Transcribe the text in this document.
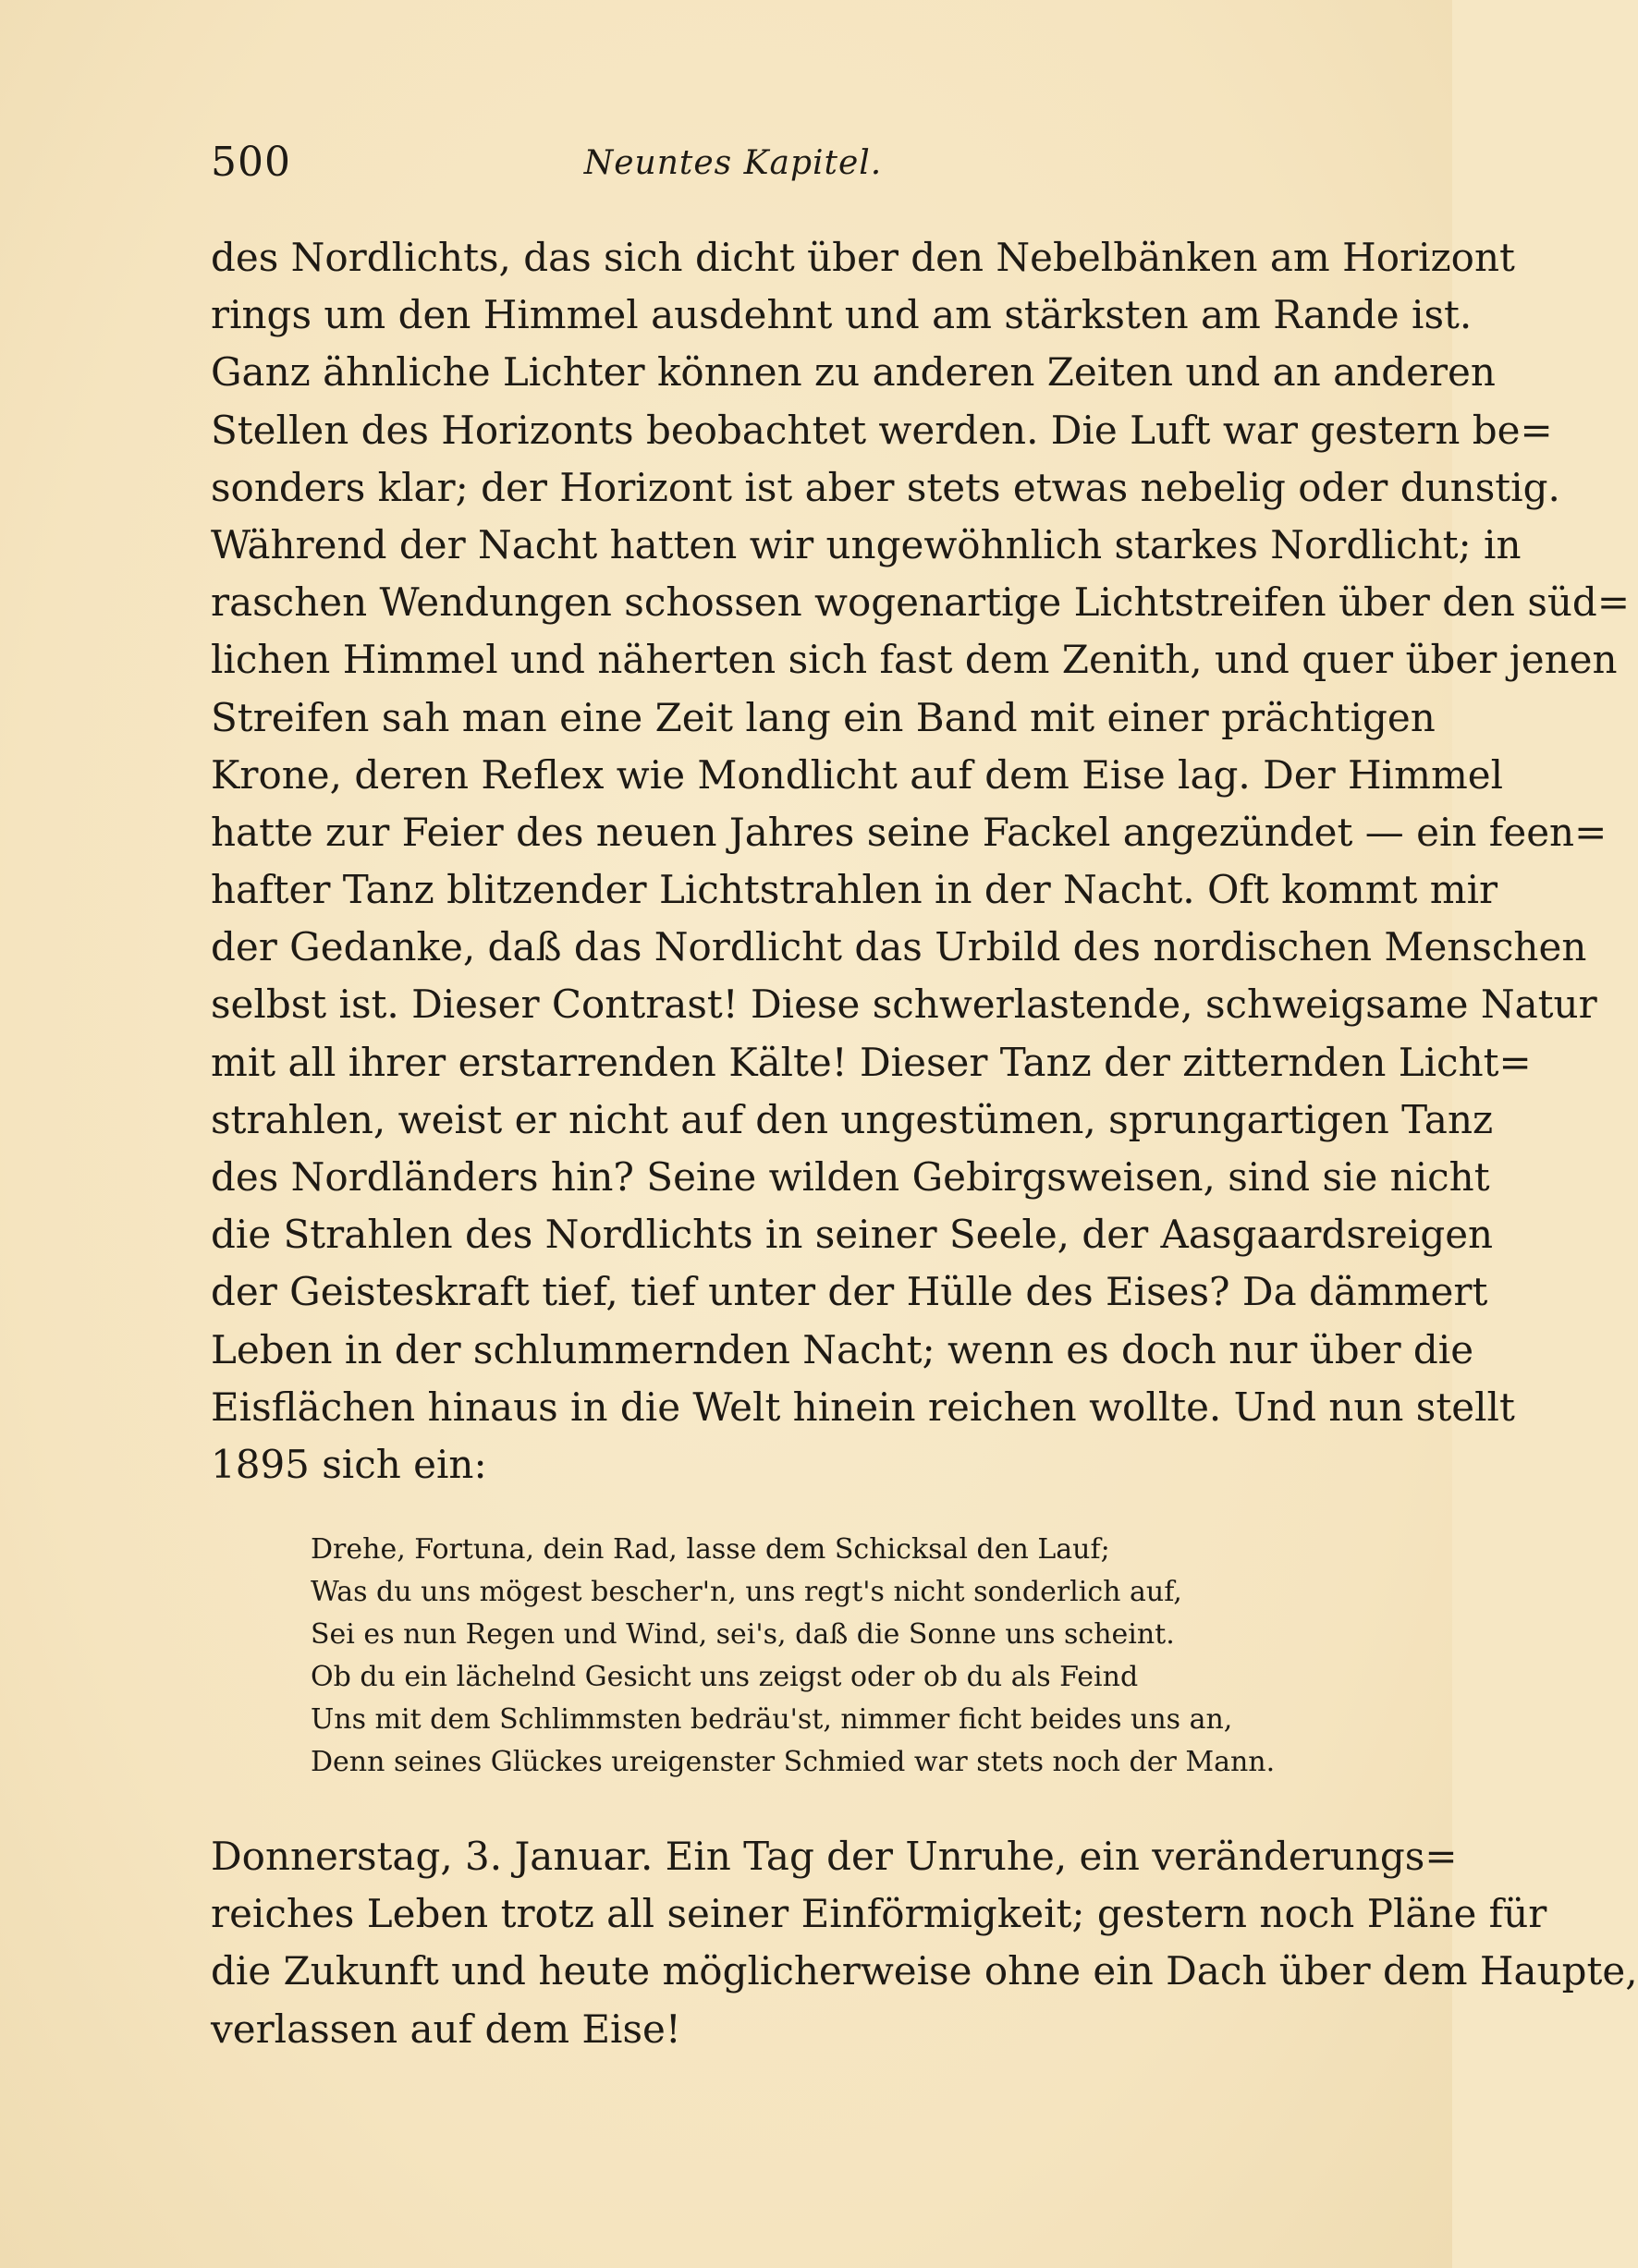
500	Neuntes Kapitel.
des Nordlichts, das sich dicht über den Nebelbänken am Horizont
rings um den Himmel ausdehnt und am stärksten am Rande ist.
Ganz ähnliche Lichter können zu anderen Zeiten und an anderen
Stellen des Horizonts beobachtet werden. Die Luft war gestern be=
sonders klar; der Horizont ist aber stets etwas nebelig oder dunstig.
Während der Nacht hatten wir ungewöhnlich starkes Nordlicht; in
raschen Wendungen schossen wogenartige Lichtstreifen über den süd=
lichen Himmel und näherten sich fast dem Zenith, und quer über jenen
Streifen sah man eine Zeit lang ein Band mit einer prächtigen
Krone, deren Reflex wie Mondlicht auf dem Eise lag. Der Himmel
hatte zur Feier des neuen Jahres seine Fackel angezündet — ein feen=
hafter Tanz blitzender Lichtstrahlen in der Nacht. Oft kommt mir
der Gedanke, daß das Nordlicht das Urbild des nordischen Menschen
selbst ist. Dieser Contrast! Diese schwerlastende, schweigsame Natur
mit all ihrer erstarrenden Kälte! Dieser Tanz der zitternden Licht=
strahlen, weist er nicht auf den ungestümen, sprungartigen Tanz
des Nordländers hin? Seine wilden Gebirgsweisen, sind sie nicht
die Strahlen des Nordlichts in seiner Seele, der Aasgaardsreigen
der Geisteskraft tief, tief unter der Hülle des Eises? Da dämmert
Leben in der schlummernden Nacht; wenn es doch nur über die
Eisflächen hinaus in die Welt hinein reichen wollte. Und nun stellt
1895 sich ein:
Drehe, Fortuna, dein Rad, lasse dem Schicksal den Lauf;
Was du uns mögest bescher'n, uns regt's nicht sonderlich auf,
Sei es nun Regen und Wind, sei's, daß die Sonne uns scheint.
Ob du ein lächelnd Gesicht uns zeigst oder ob du als Feind
Uns mit dem Schlimmsten bedräu'st, nimmer ficht beides uns an,
Denn seines Glückes ureigenster Schmied war stets noch der Mann.
Donnerstag, 3. Januar. Ein Tag der Unruhe, ein veränderungs=
reiches Leben trotz all seiner Einförmigkeit; gestern noch Pläne für
die Zukunft und heute möglicherweise ohne ein Dach über dem Haupte,
verlassen auf dem Eise!
